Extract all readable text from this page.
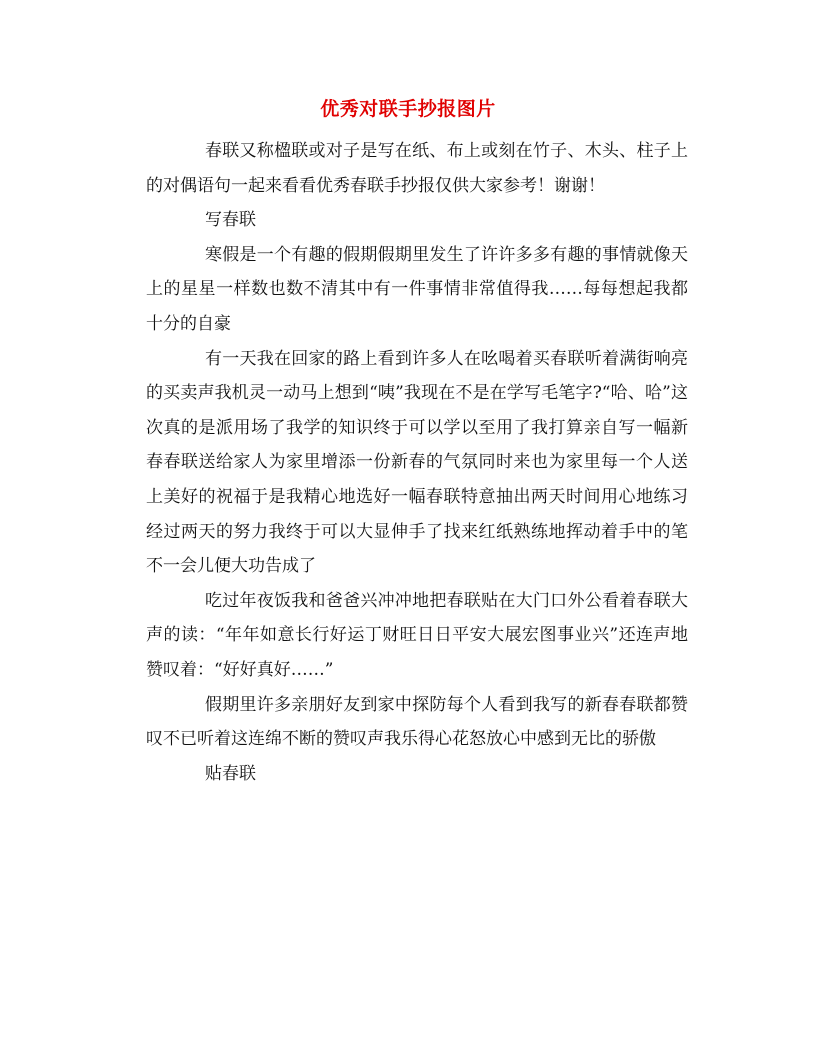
优秀对联手抄报图片

春联又称楹联或对子是写在纸、布上或刻在竹子、木头、柱子上的对偶语句一起来看看优秀春联手抄报仅供大家参考！谢谢！

写春联

寒假是一个有趣的假期假期里发生了许许多多有趣的事情就像天上的星星一样数也数不清其中有一件事情非常值得我……每每想起我都十分的自豪

有一天我在回家的路上看到许多人在吆喝着买春联听着满街响亮的买卖声我机灵一动马上想到“咦”我现在不是在学写毛笔字?“哈、哈”这次真的是派用场了我学的知识终于可以学以至用了我打算亲自写一幅新春春联送给家人为家里增添一份新春的气氛同时来也为家里每一个人送上美好的祝福于是我精心地选好一幅春联特意抽出两天时间用心地练习经过两天的努力我终于可以大显伸手了找来红纸熟练地挥动着手中的笔不一会儿便大功告成了

吃过年夜饭我和爸爸兴冲冲地把春联贴在大门口外公看着春联大声的读：“年年如意长行好运丁财旺日日平安大展宏图事业兴”还连声地赞叹着：“好好真好……”

假期里许多亲朋好友到家中探防每个人看到我写的新春春联都赞叹不已听着这连绵不断的赞叹声我乐得心花怒放心中感到无比的骄傲

贴春联
